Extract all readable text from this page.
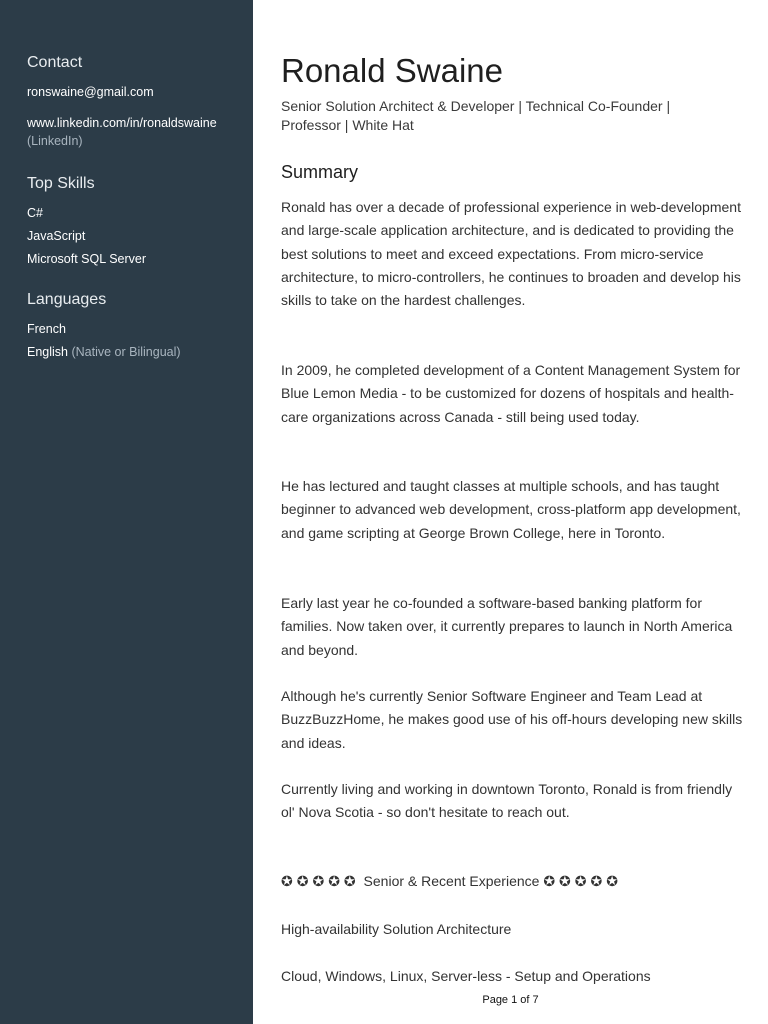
Contact
ronswaine@gmail.com
www.linkedin.com/in/ronaldswaine
(LinkedIn)
Top Skills
C#
JavaScript
Microsoft SQL Server
Languages
French
English (Native or Bilingual)
Ronald Swaine
Senior Solution Architect & Developer | Technical Co-Founder | Professor | White Hat
Summary

Ronald has over a decade of professional experience in web-development and large-scale application architecture, and is dedicated to providing the best solutions to meet and exceed expectations. From micro-service architecture, to micro-controllers, he continues to broaden and develop his skills to take on the hardest challenges.

In 2009, he completed development of a Content Management System for Blue Lemon Media - to be customized for dozens of hospitals and health-care organizations across Canada - still being used today.

He has lectured and taught classes at multiple schools, and has taught beginner to advanced web development, cross-platform app development, and game scripting at George Brown College, here in Toronto.

Early last year he co-founded a software-based banking platform for families. Now taken over, it currently prepares to launch in North America and beyond.

Although he's currently Senior Software Engineer and Team Lead at BuzzBuzzHome, he makes good use of his off-hours developing new skills and ideas.

Currently living and working in downtown Toronto, Ronald is from friendly ol' Nova Scotia - so don't hesitate to reach out.

✪✪✪✪✪ Senior & Recent Experience ✪✪✪✪✪
High-availability Solution Architecture
Cloud, Windows, Linux, Server-less - Setup and Operations
Page 1 of 7
